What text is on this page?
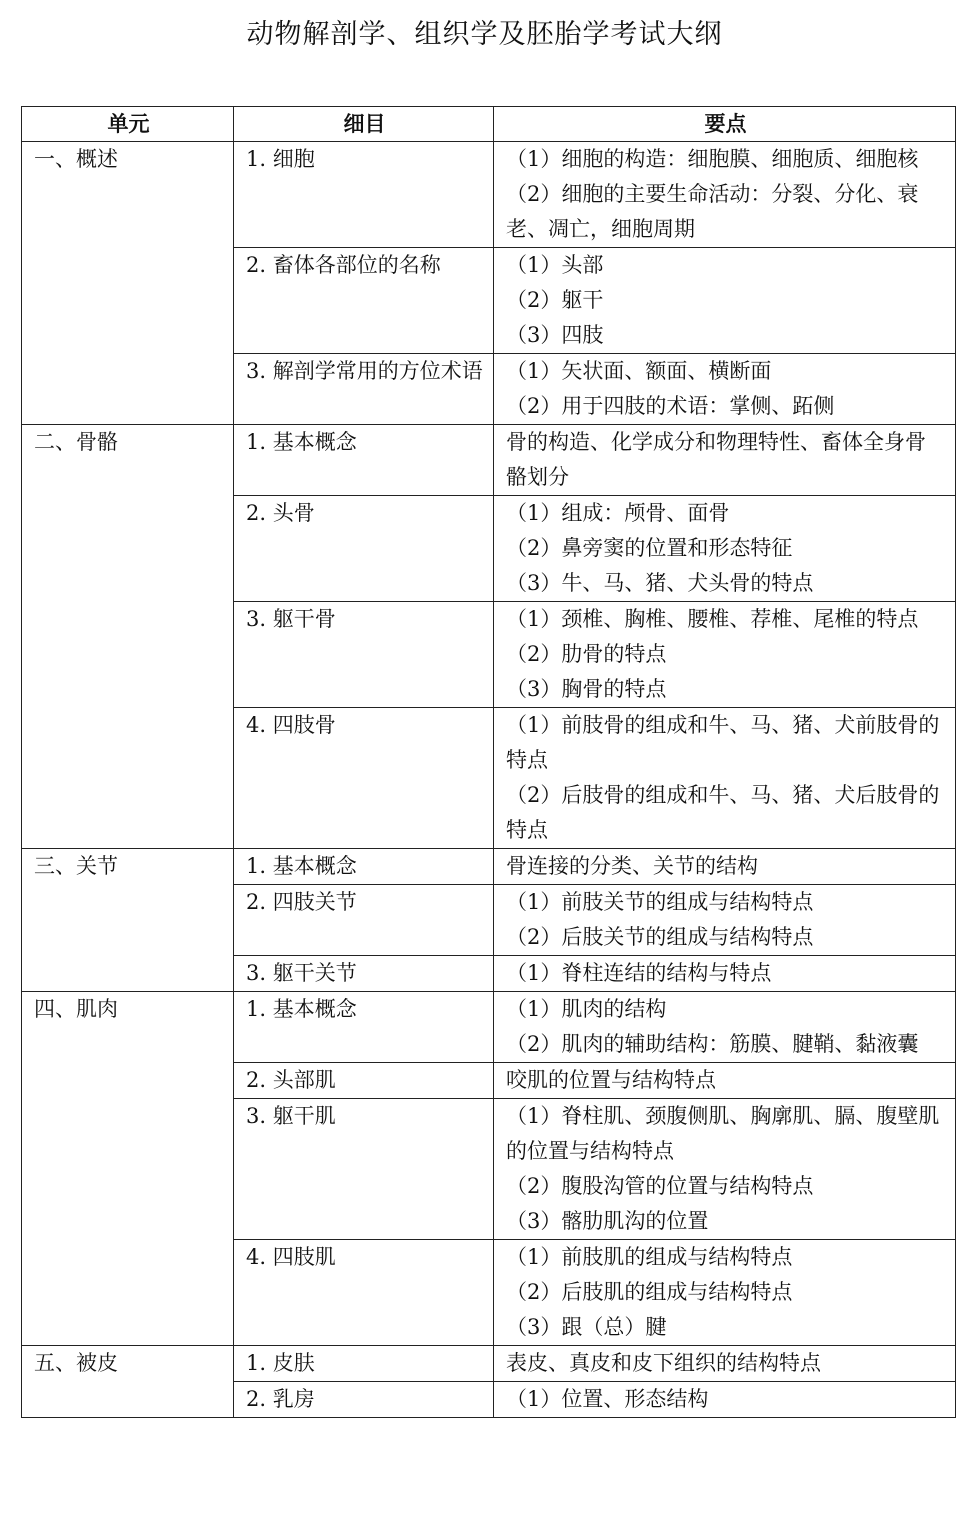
动物解剖学、组织学及胚胎学考试大纲
单元	细目	要点
一、概述	1. 细胞	（1）细胞的构造：细胞膜、细胞质、细胞核
（2）细胞的主要生命活动：分裂、分化、衰老、凋亡，细胞周期

	2. 畜体各部位的名称	（1）头部
（2）躯干
（3）四肢

	3. 解剖学常用的方位术语	（1）矢状面、额面、横断面
（2）用于四肢的术语：掌侧、跖侧

二、骨骼	1. 基本概念	骨的构造、化学成分和物理特性、畜体全身骨骼划分

	2. 头骨	（1）组成：颅骨、面骨
（2）鼻旁窦的位置和形态特征
（3）牛、马、猪、犬头骨的特点

	3. 躯干骨	（1）颈椎、胸椎、腰椎、荐椎、尾椎的特点
（2）肋骨的特点
（3）胸骨的特点

	4. 四肢骨	（1）前肢骨的组成和牛、马、猪、犬前肢骨的特点
（2）后肢骨的组成和牛、马、猪、犬后肢骨的特点

三、关节	1. 基本概念	骨连接的分类、关节的结构

	2. 四肢关节	（1）前肢关节的组成与结构特点
（2）后肢关节的组成与结构特点

	3. 躯干关节	（1）脊柱连结的结构与特点

四、肌肉	1. 基本概念	（1）肌肉的结构
（2）肌肉的辅助结构：筋膜、腱鞘、黏液囊

	2. 头部肌	咬肌的位置与结构特点

	3. 躯干肌	（1）脊柱肌、颈腹侧肌、胸廓肌、膈、腹壁肌的位置与结构特点
（2）腹股沟管的位置与结构特点
（3）髂肋肌沟的位置

	4. 四肢肌	（1）前肢肌的组成与结构特点
（2）后肢肌的组成与结构特点
（3）跟（总）腱

五、被皮	1. 皮肤	表皮、真皮和皮下组织的结构特点

	2. 乳房	（1）位置、形态结构
